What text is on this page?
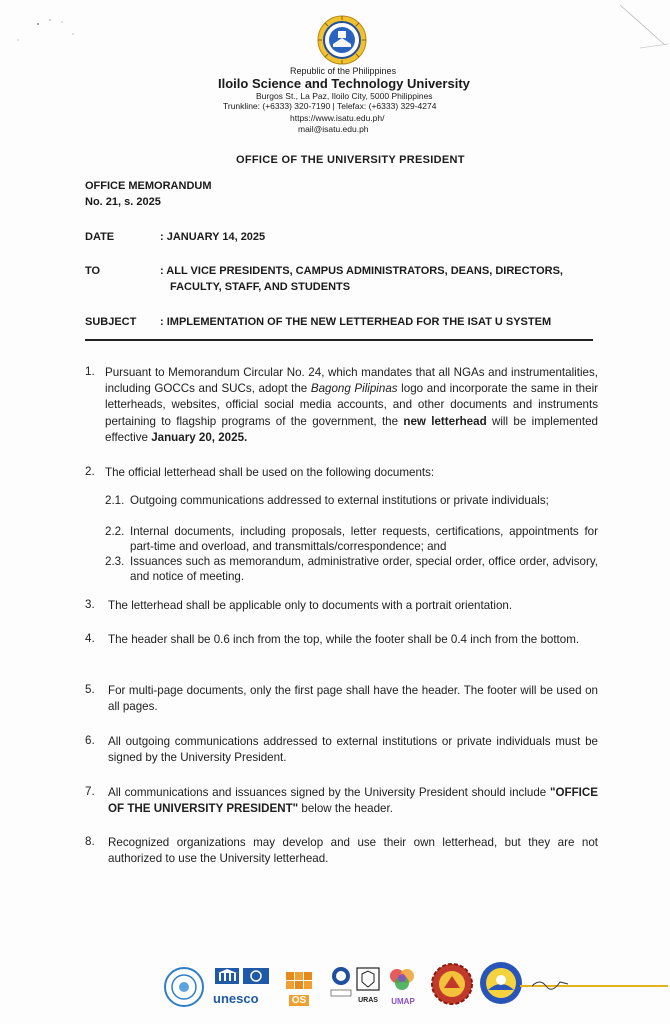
Republic of the Philippines
Iloilo Science and Technology University
Burgos St., La Paz, Iloilo City, 5000 Philippines
Trunkline: (+6333) 320-7190 | Telefax: (+6333) 329-4274
https://www.isatu.edu.ph/
mail@isatu.edu.ph
OFFICE OF THE UNIVERSITY PRESIDENT
OFFICE MEMORANDUM
No. 21, s. 2025
DATE	: JANUARY 14, 2025
TO	: ALL VICE PRESIDENTS, CAMPUS ADMINISTRATORS, DEANS, DIRECTORS,
FACULTY, STAFF, AND STUDENTS
SUBJECT : IMPLEMENTATION OF THE NEW LETTERHEAD FOR THE ISAT U SYSTEM
1. Pursuant to Memorandum Circular No. 24, which mandates that all NGAs and instrumentalities, including GOCCs and SUCs, adopt the Bagong Pilipinas logo and incorporate the same in their letterheads, websites, official social media accounts, and other documents and instruments pertaining to flagship programs of the government, the new letterhead will be implemented effective January 20, 2025.
2. The official letterhead shall be used on the following documents:
2.1. Outgoing communications addressed to external institutions or private individuals;
2.2. Internal documents, including proposals, letter requests, certifications, appointments for part-time and overload, and transmittals/correspondence; and
2.3. Issuances such as memorandum, administrative order, special order, office order, advisory, and notice of meeting.
3. The letterhead shall be applicable only to documents with a portrait orientation.
4. The header shall be 0.6 inch from the top, while the footer shall be 0.4 inch from the bottom.
5. For multi-page documents, only the first page shall have the header. The footer will be used on all pages.
6. All outgoing communications addressed to external institutions or private individuals must be signed by the University President.
7. All communications and issuances signed by the University President should include "OFFICE OF THE UNIVERSITY PRESIDENT" below the header.
8. Recognized organizations may develop and use their own letterhead, but they are not authorized to use the University letterhead.
unesco	OS	URAS	UMAP
